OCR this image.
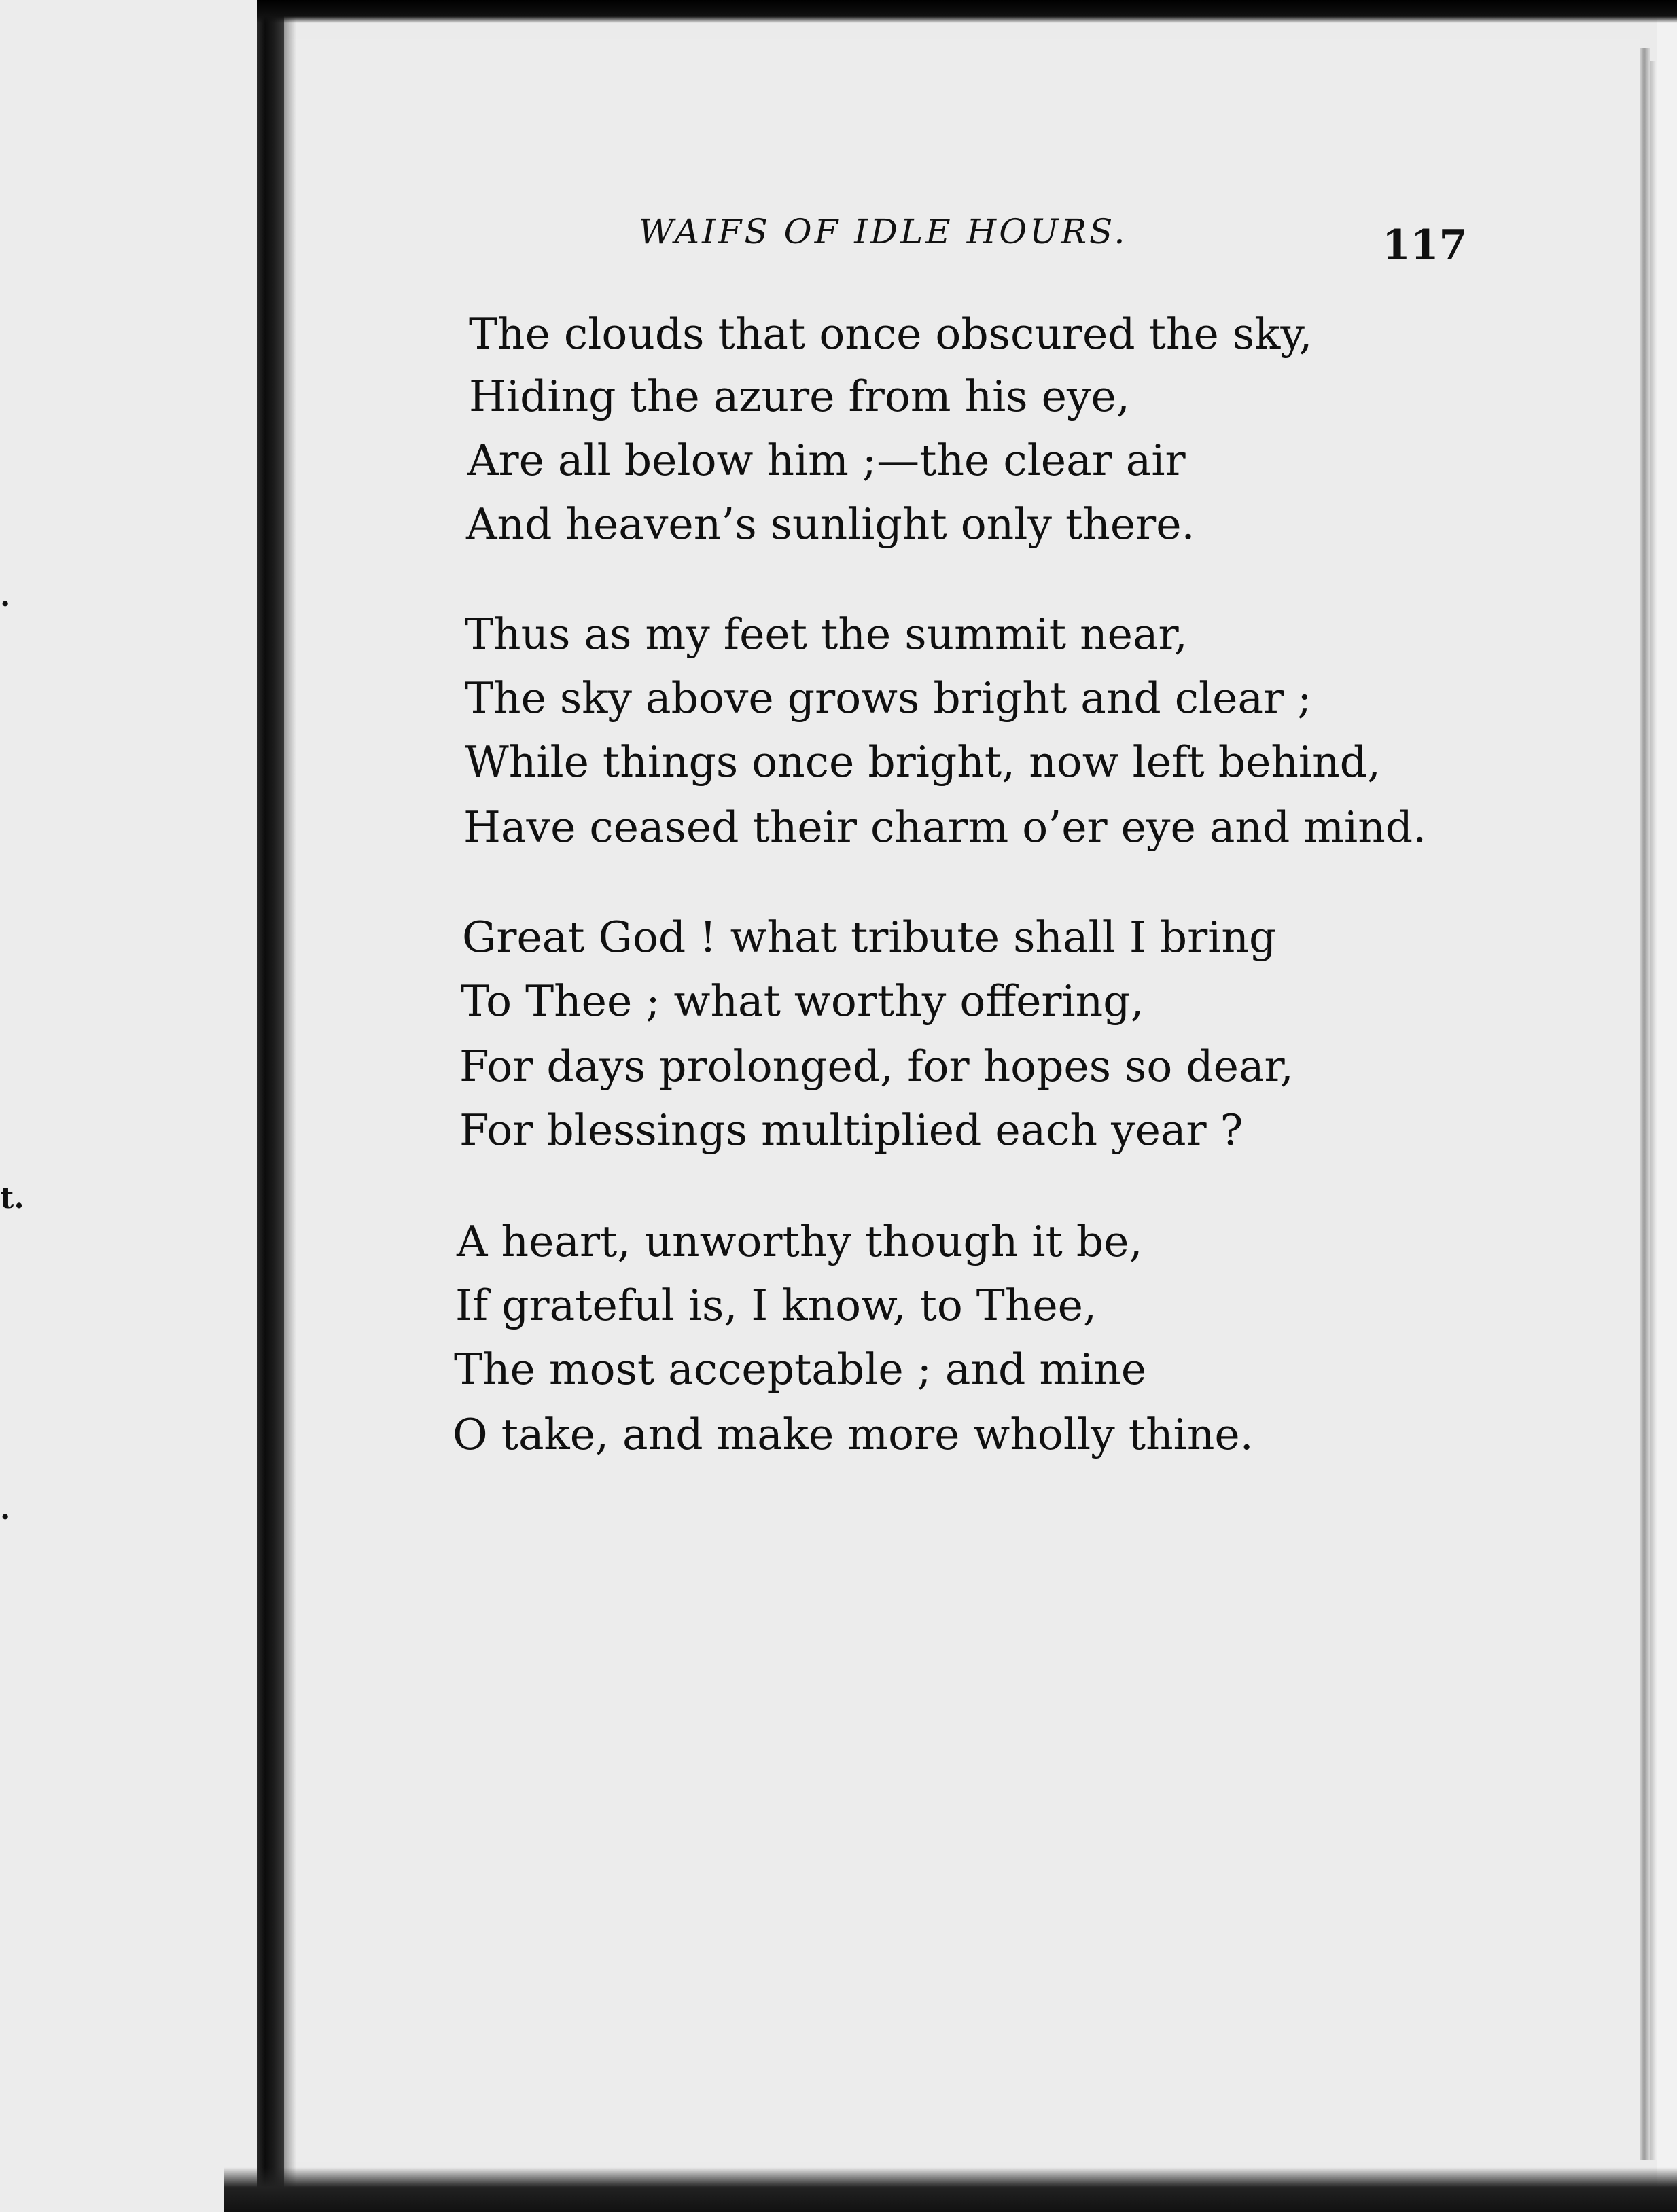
.
t.
.
WAIFS OF IDLE HOURS.	117
The clouds that once obscured the sky,
Hiding the azure from his eye,
Are all below him ;—the clear air
And heaven’s sunlight only there.
Thus as my feet the summit near,
The sky above grows bright and clear ;
While things once bright, now left behind,
Have ceased their charm o’er eye and mind.
Great God ! what tribute shall I bring
To Thee ; what worthy offering,
For days prolonged, for hopes so dear,
For blessings multiplied each year ?
A heart, unworthy though it be,
If grateful is, I know, to Thee,
The most acceptable ; and mine
O take, and make more wholly thine.
